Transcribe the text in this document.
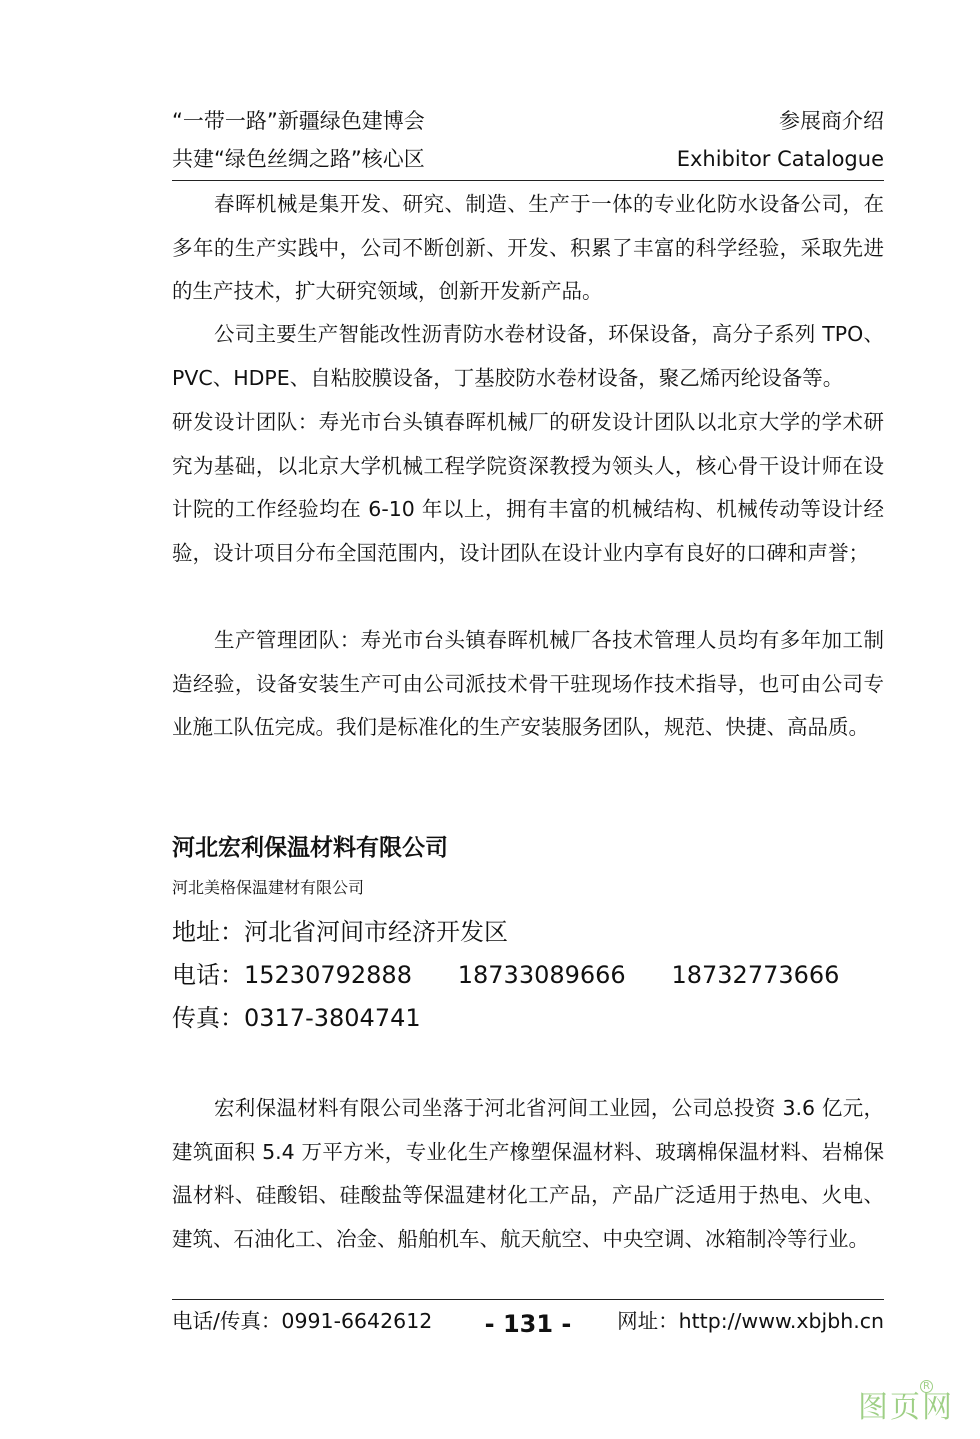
“一带一路”新疆绿色建博会	参展商介绍
共建“绿色丝绸之路”核心区	Exhibitor Catalogue

春晖机械是集开发、研究、制造、生产于一体的专业化防水设备公司，在多年的生产实践中，公司不断创新、开发、积累了丰富的科学经验，采取先进的生产技术，扩大研究领域，创新开发新产品。

公司主要生产智能改性沥青防水卷材设备，环保设备，高分子系列 TPO、PVC、HDPE、自粘胶膜设备，丁基胶防水卷材设备，聚乙烯丙纶设备等。

研发设计团队：寿光市台头镇春晖机械厂的研发设计团队以北京大学的学术研究为基础，以北京大学机械工程学院资深教授为领头人，核心骨干设计师在设计院的工作经验均在 6-10 年以上，拥有丰富的机械结构、机械传动等设计经验，设计项目分布全国范围内，设计团队在设计业内享有良好的口碑和声誉；

生产管理团队：寿光市台头镇春晖机械厂各技术管理人员均有多年加工制造经验，设备安装生产可由公司派技术骨干驻现场作技术指导，也可由公司专业施工队伍完成。我们是标准化的生产安装服务团队，规范、快捷、高品质。

河北宏利保温材料有限公司
河北美格保温建材有限公司
地址：河北省河间市经济开发区
电话：15230792888      18733089666      18732773666
传真：0317-3804741

宏利保温材料有限公司坐落于河北省河间工业园，公司总投资 3.6 亿元，建筑面积 5.4 万平方米，专业化生产橡塑保温材料、玻璃棉保温材料、岩棉保温材料、硅酸铝、硅酸盐等保温建材化工产品，产品广泛适用于热电、火电、建筑、石油化工、冶金、船舶机车、航天航空、中央空调、冰箱制冷等行业。

电话/传真：0991-6642612 - 131 -	网址：http://www.xbjbh.cn
图页网
R
